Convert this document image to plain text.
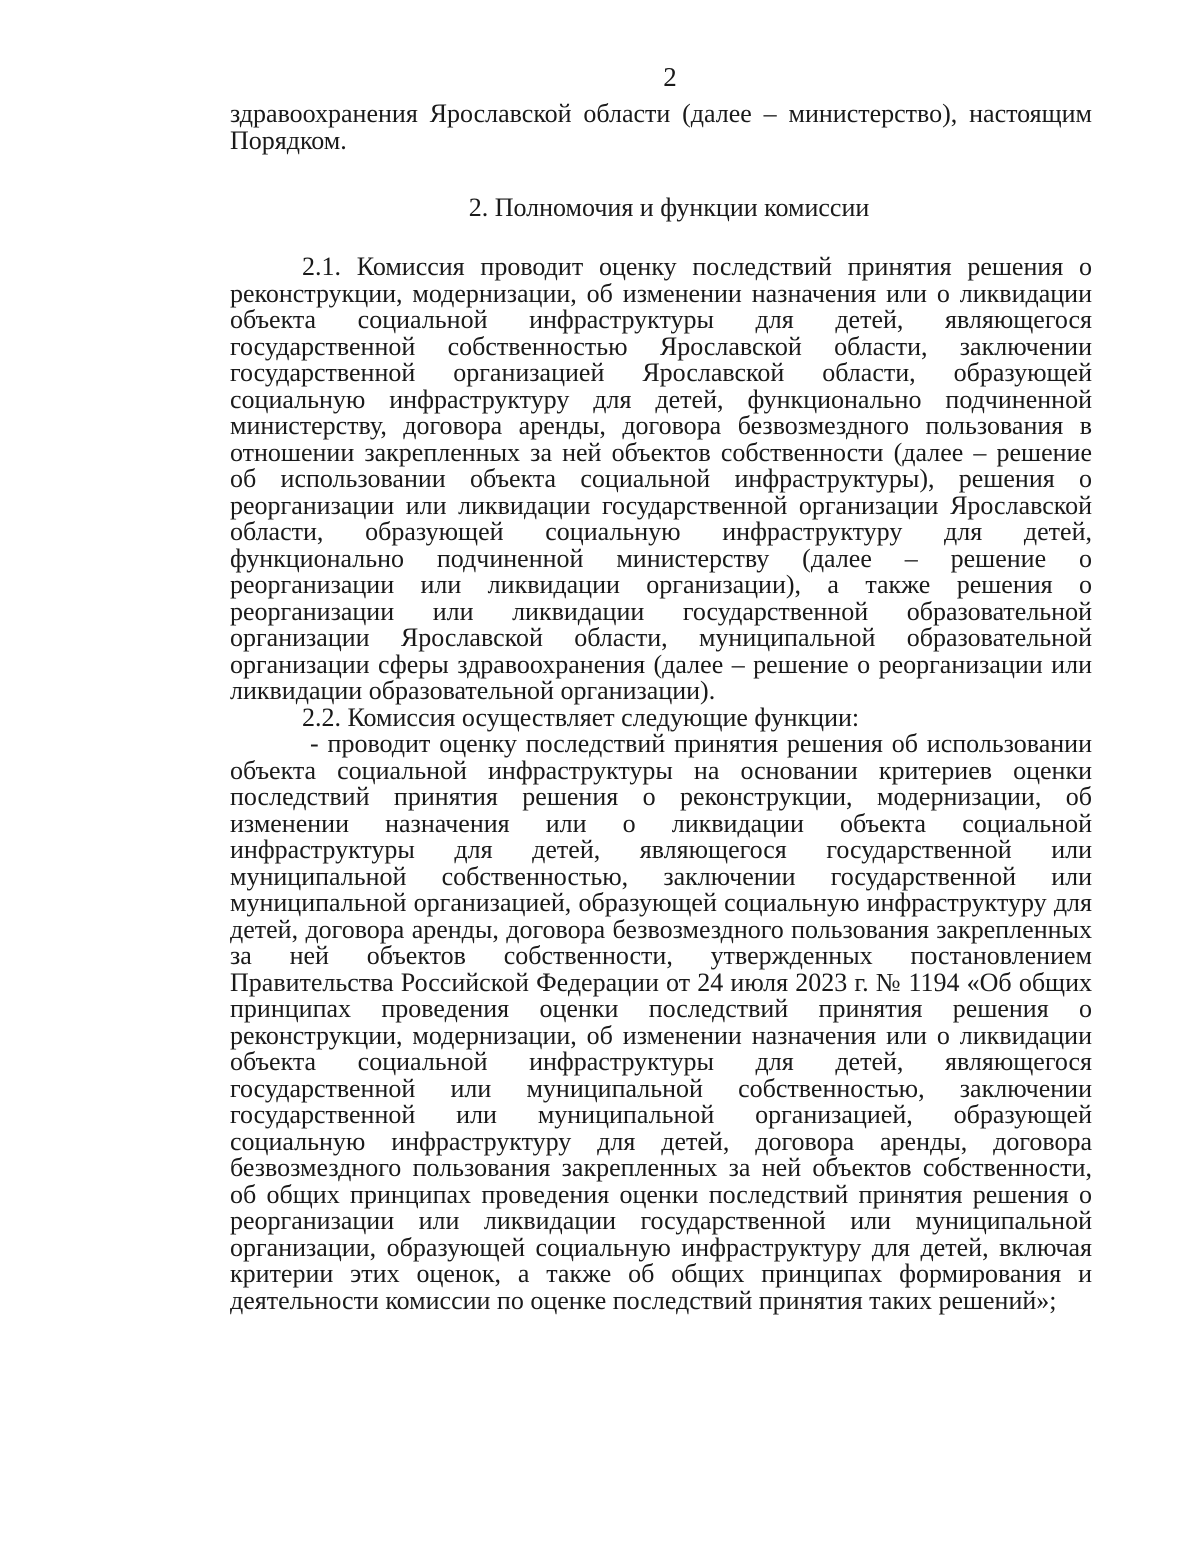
2
здравоохранения Ярославской области (далее – министерство), настоящим Порядком.
2. Полномочия и функции комиссии

2.1. Комиссия проводит оценку последствий принятия решения о реконструкции, модернизации, об изменении назначения или о ликвидации объекта социальной инфраструктуры для детей, являющегося государственной собственностью Ярославской области, заключении государственной организацией Ярославской области, образующей социальную инфраструктуру для детей, функционально подчиненной министерству, договора аренды, договора безвозмездного пользования в отношении закрепленных за ней объектов собственности (далее – решение об использовании объекта социальной инфраструктуры), решения о реорганизации или ликвидации государственной организации Ярославской области, образующей социальную инфраструктуру для детей, функционально подчиненной министерству (далее – решение о реорганизации или ликвидации организации), а также решения о реорганизации или ликвидации государственной образовательной организации Ярославской области, муниципальной образовательной организации сферы здравоохранения (далее – решение о реорганизации или ликвидации образовательной организации).

2.2. Комиссия осуществляет следующие функции:

- проводит оценку последствий принятия решения об использовании объекта социальной инфраструктуры на основании критериев оценки последствий принятия решения о реконструкции, модернизации, об изменении назначения или о ликвидации объекта социальной инфраструктуры для детей, являющегося государственной или муниципальной собственностью, заключении государственной или муниципальной организацией, образующей социальную инфраструктуру для детей, договора аренды, договора безвозмездного пользования закрепленных за ней объектов собственности, утвержденных постановлением Правительства Российской Федерации от 24 июля 2023 г. № 1194 «Об общих принципах проведения оценки последствий принятия решения о реконструкции, модернизации, об изменении назначения или о ликвидации объекта социальной инфраструктуры для детей, являющегося государственной или муниципальной собственностью, заключении государственной или муниципальной организацией, образующей социальную инфраструктуру для детей, договора аренды, договора безвозмездного пользования закрепленных за ней объектов собственности, об общих принципах проведения оценки последствий принятия решения о реорганизации или ликвидации государственной или муниципальной организации, образующей социальную инфраструктуру для детей, включая критерии этих оценок, а также об общих принципах формирования и деятельности комиссии по оценке последствий принятия таких решений»;
